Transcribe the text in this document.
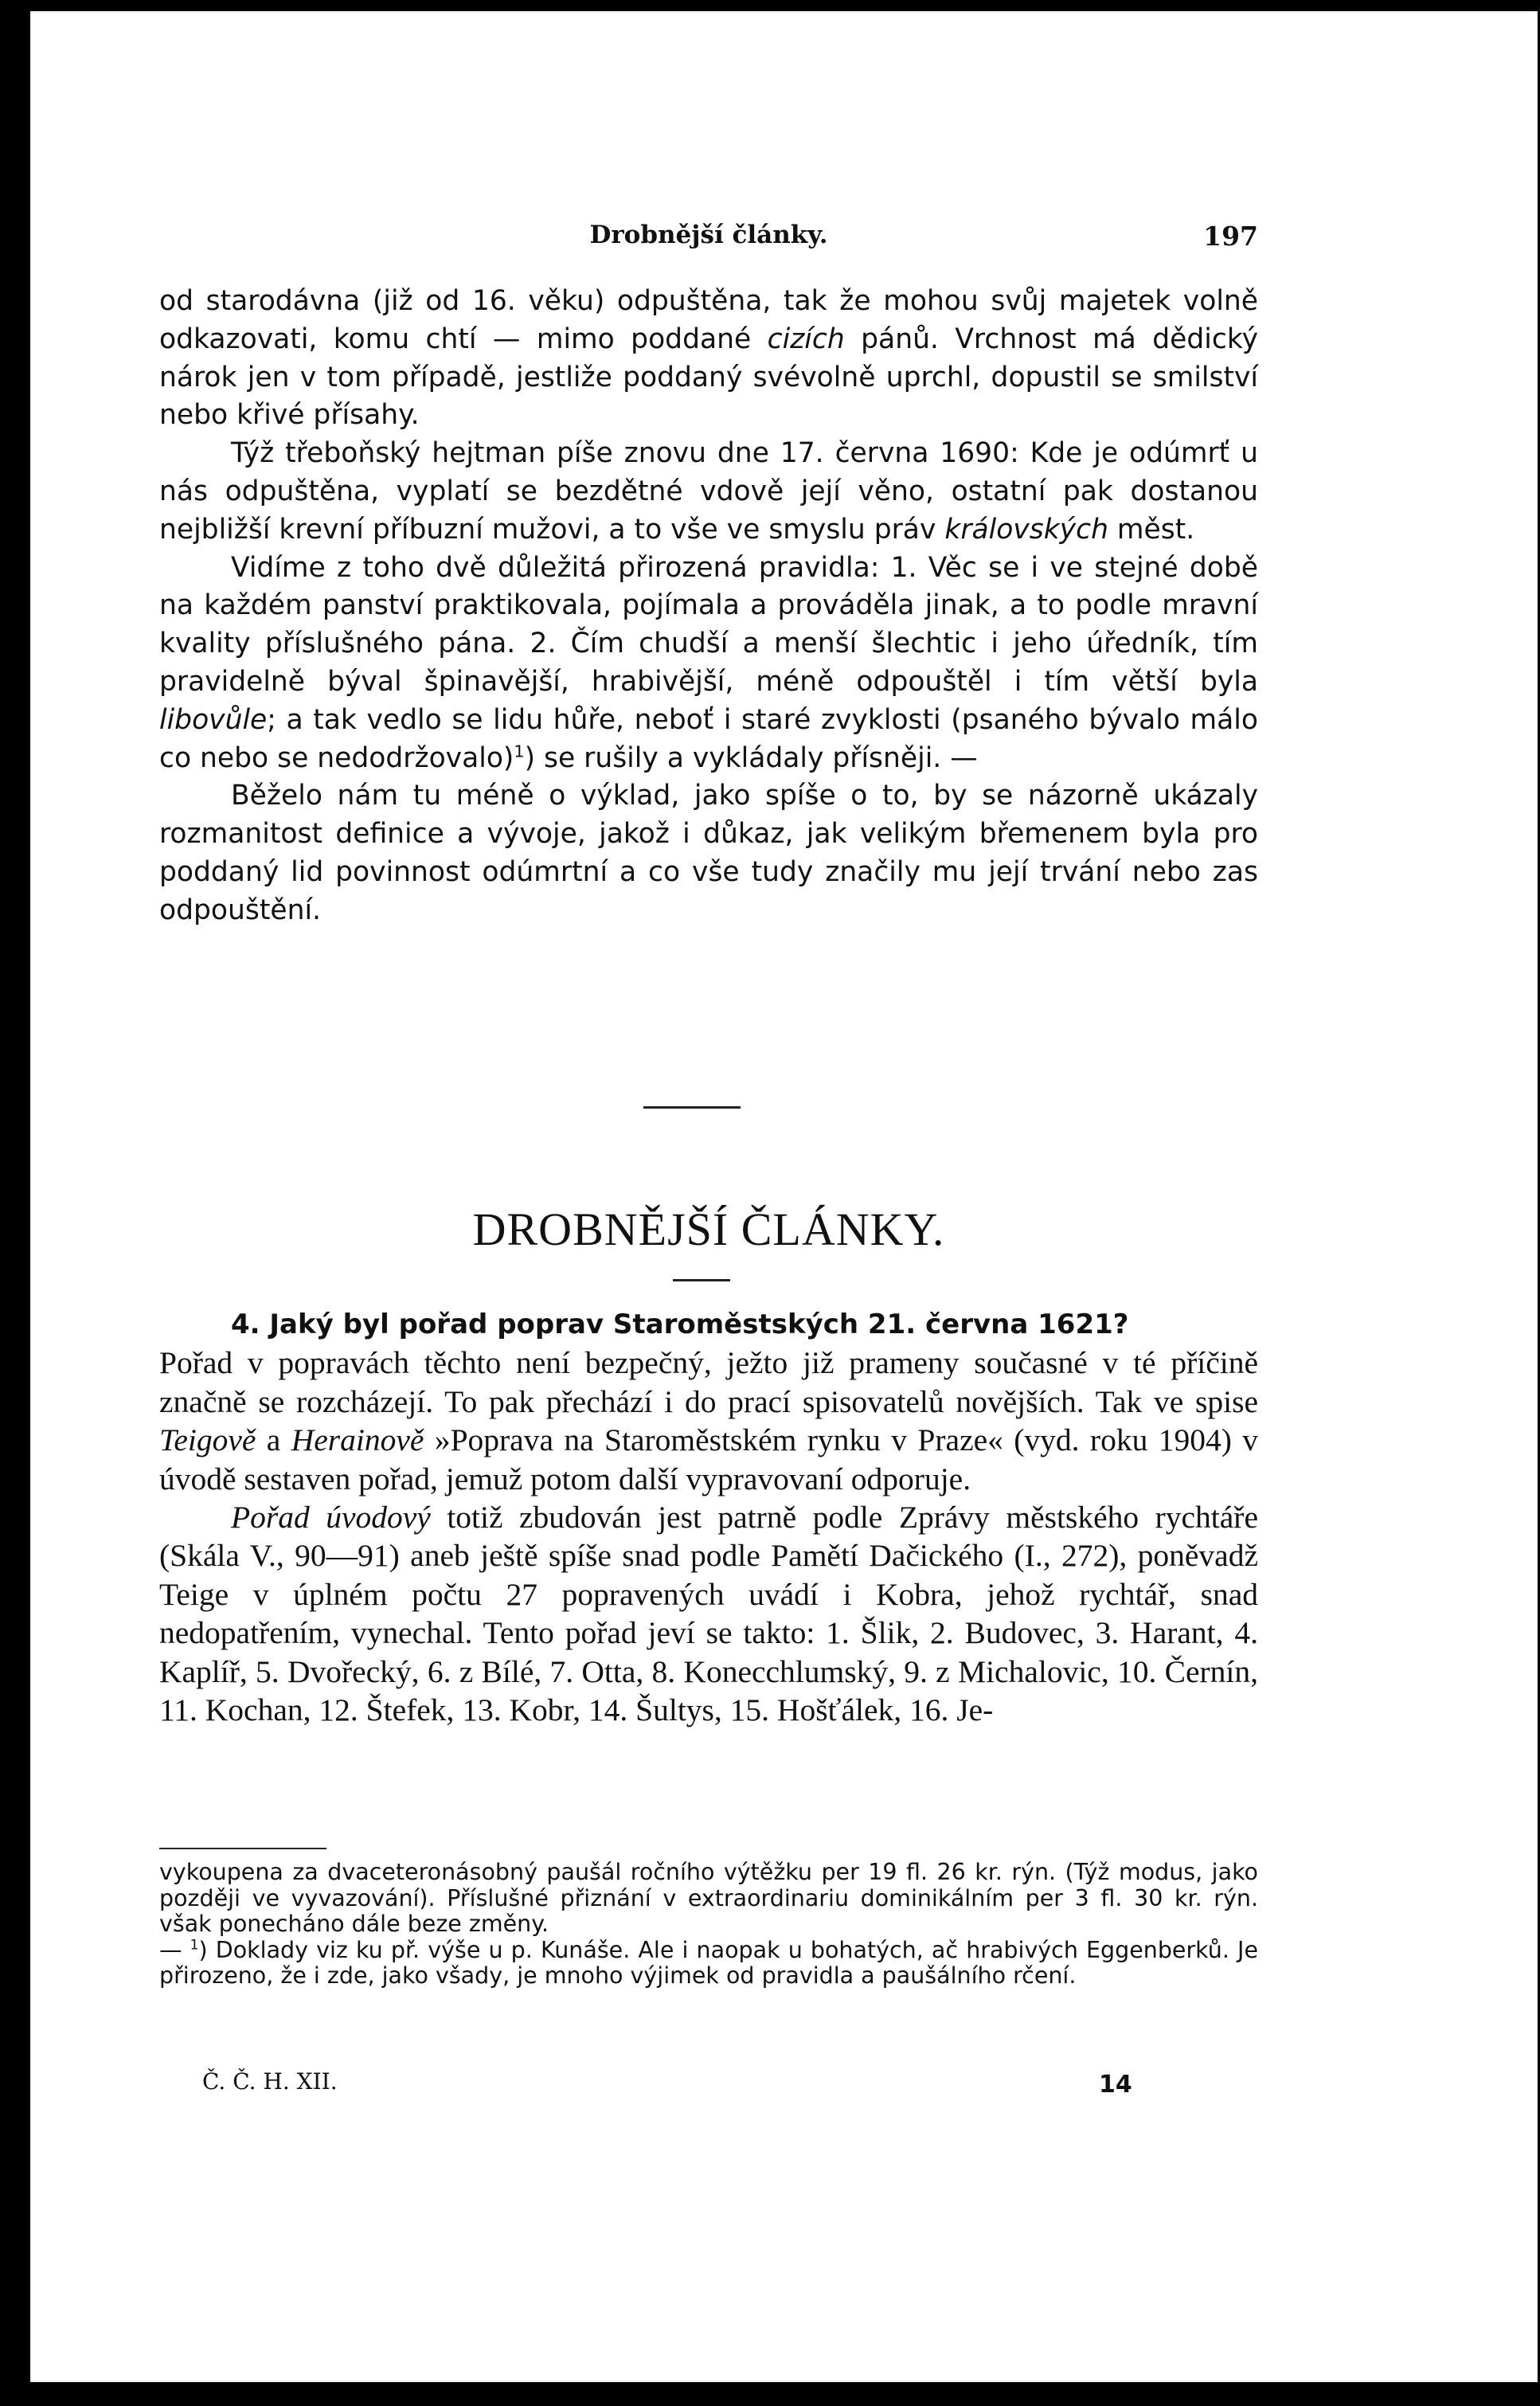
Drobnější články.	197

od starodávna (již od 16. věku) odpuštěna, tak že mohou svůj majetek volně odkazovati, komu chtí — mimo poddané cizích pánů. Vrchnost má dědický nárok jen v tom případě, jestliže poddaný svévolně uprchl, dopustil se smilství nebo křivé přísahy.

Týž třeboňský hejtman píše znovu dne 17. června 1690: Kde je odúmrť u nás odpuštěna, vyplatí se bezdětné vdově její věno, ostatní pak dostanou nejbližší krevní příbuzní mužovi, a to vše ve smyslu práv královských měst.

Vidíme z toho dvě důležitá přirozená pravidla: 1. Věc se i ve stejné době na každém panství praktikovala, pojímala a prováděla jinak, a to podle mravní kvality příslušného pána. 2. Čím chudší a menší šlechtic i jeho úředník, tím pravidelně býval špinavější, hrabivější, méně odpouštěl i tím větší byla libovůle; a tak vedlo se lidu hůře, neboť i staré zvyklosti (psaného bývalo málo co nebo se nedodržovalo)$^1$) se rušily a vykládaly přísněji. —

Běželo nám tu méně o výklad, jako spíše o to, by se názorně ukázaly rozmanitost definice a vývoje, jakož i důkaz, jak velikým břemenem byla pro poddaný lid povinnost odúmrtní a co vše tudy značily mu její trvání nebo zas odpouštění.

DROBNĚJŠÍ ČLÁNKY.

4. Jaký byl pořad poprav Staroměstských 21. června 1621?

Pořad v popravách těchto není bezpečný, ježto již prameny současné v té příčině značně se rozcházejí. To pak přechází i do prací spisovatelů novějších. Tak ve spise Teigově a Herainově »Poprava na Staroměstském rynku v Praze« (vyd. roku 1904) v úvodě sestaven pořad, jemuž potom další vypravovaní odporuje.

Pořad úvodový totiž zbudován jest patrně podle Zprávy městského rychtáře (Skála V., 90—91) aneb ještě spíše snad podle Pamětí Dačického (I., 272), poněvadž Teige v úplném počtu 27 popravených uvádí i Kobra, jehož rychtář, snad nedopatřením, vynechal. Tento pořad jeví se takto: 1. Šlik, 2. Budovec, 3. Harant, 4. Kaplíř, 5. Dvořecký, 6. z Bílé, 7. Otta, 8. Konecchlumský, 9. z Michalovic, 10. Černín, 11. Kochan, 12. Štefek, 13. Kobr, 14. Šultys, 15. Hošťálek, 16. Je-

vykoupena za dvaceteronásobný paušál ročního výtěžku per 19 fl. 26 kr. rýn. (Týž modus, jako později ve vyvazování). Příslušné přiznání v extraordinariu dominikálním per 3 fl. 30 kr. rýn. však ponecháno dále beze změny.

— $^1$) Doklady viz ku př. výše u p. Kunáše. Ale i naopak u bohatých, ač hrabivých Eggenberků. Je přirozeno, že i zde, jako všady, je mnoho výjimek od pravidla a paušálního rčení.

Č. Č. H. XII.	14
